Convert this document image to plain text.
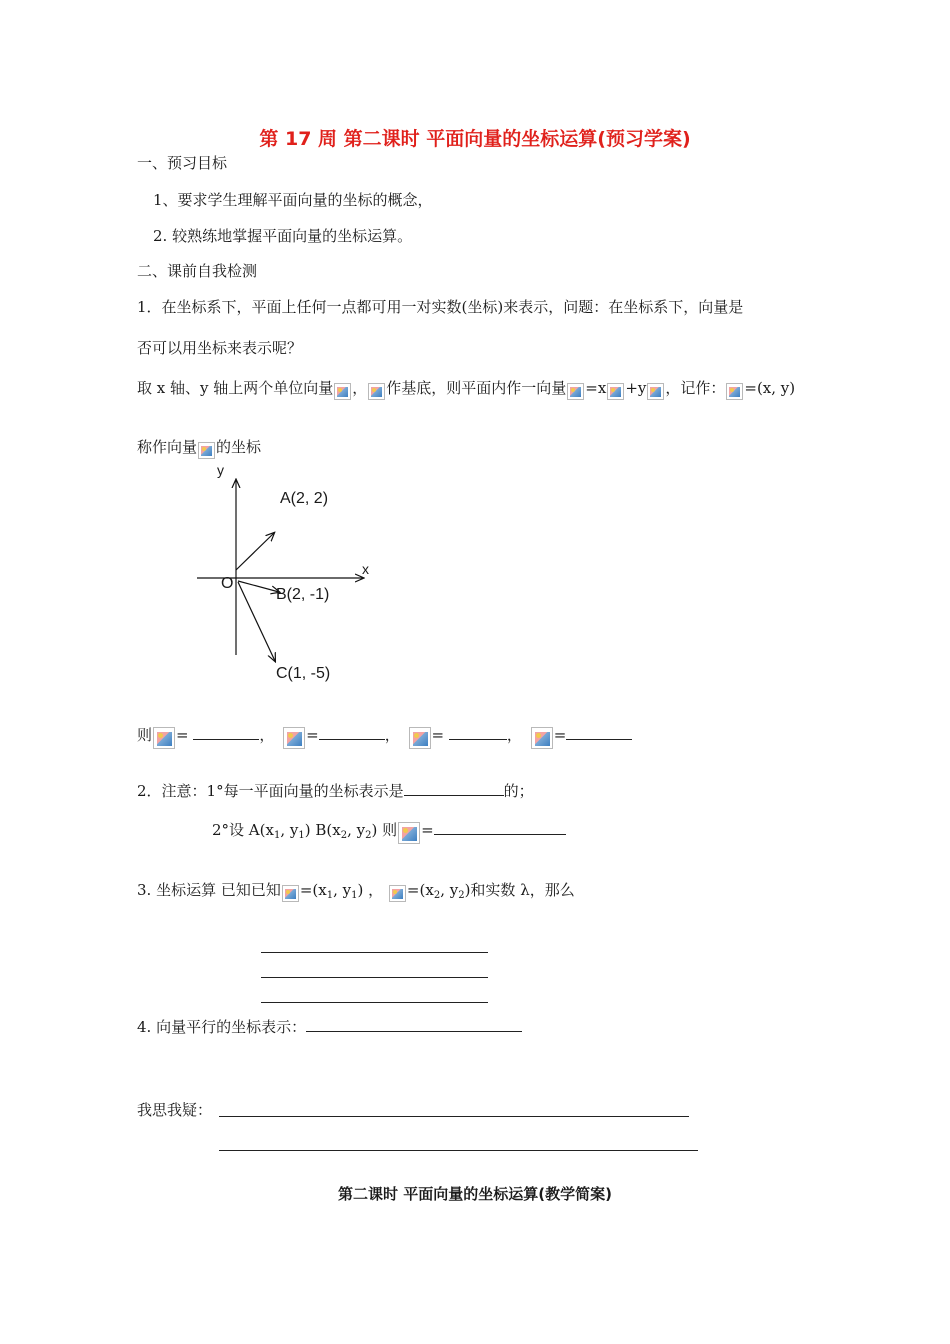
第 17 周 第二课时 平面向量的坐标运算(预习学案)
一、预习目标
1、要求学生理解平面向量的坐标的概念，
2. 较熟练地掌握平面向量的坐标运算。
二、课前自我检测
1．在坐标系下，平面上任何一点都可用一对实数(坐标)来表示，问题：在坐标系下，向量是
否可以用坐标来表示呢？
取 x 轴、y 轴上两个单位向量 ， 作基底，则平面内作一向量 =x +y ，记作： =(x, y)
称作向量 的坐标
y
x
O
A(2, 2)
B(2, -1)
C(1, -5)
则 =	， =	， =	， =
2．注意：1°每一平面向量的坐标表示是	的；
2°设 $A(x_1$, $y_1$) $B(x_2$, $y_2$) 则 =
3. 坐标运算 已知已知 $=(x_1$, $y_1$) ， $=(x_2$, $y_2$)和实数 λ，那么
4. 向量平行的坐标表示：
我思我疑：
第二课时 平面向量的坐标运算(教学简案)
